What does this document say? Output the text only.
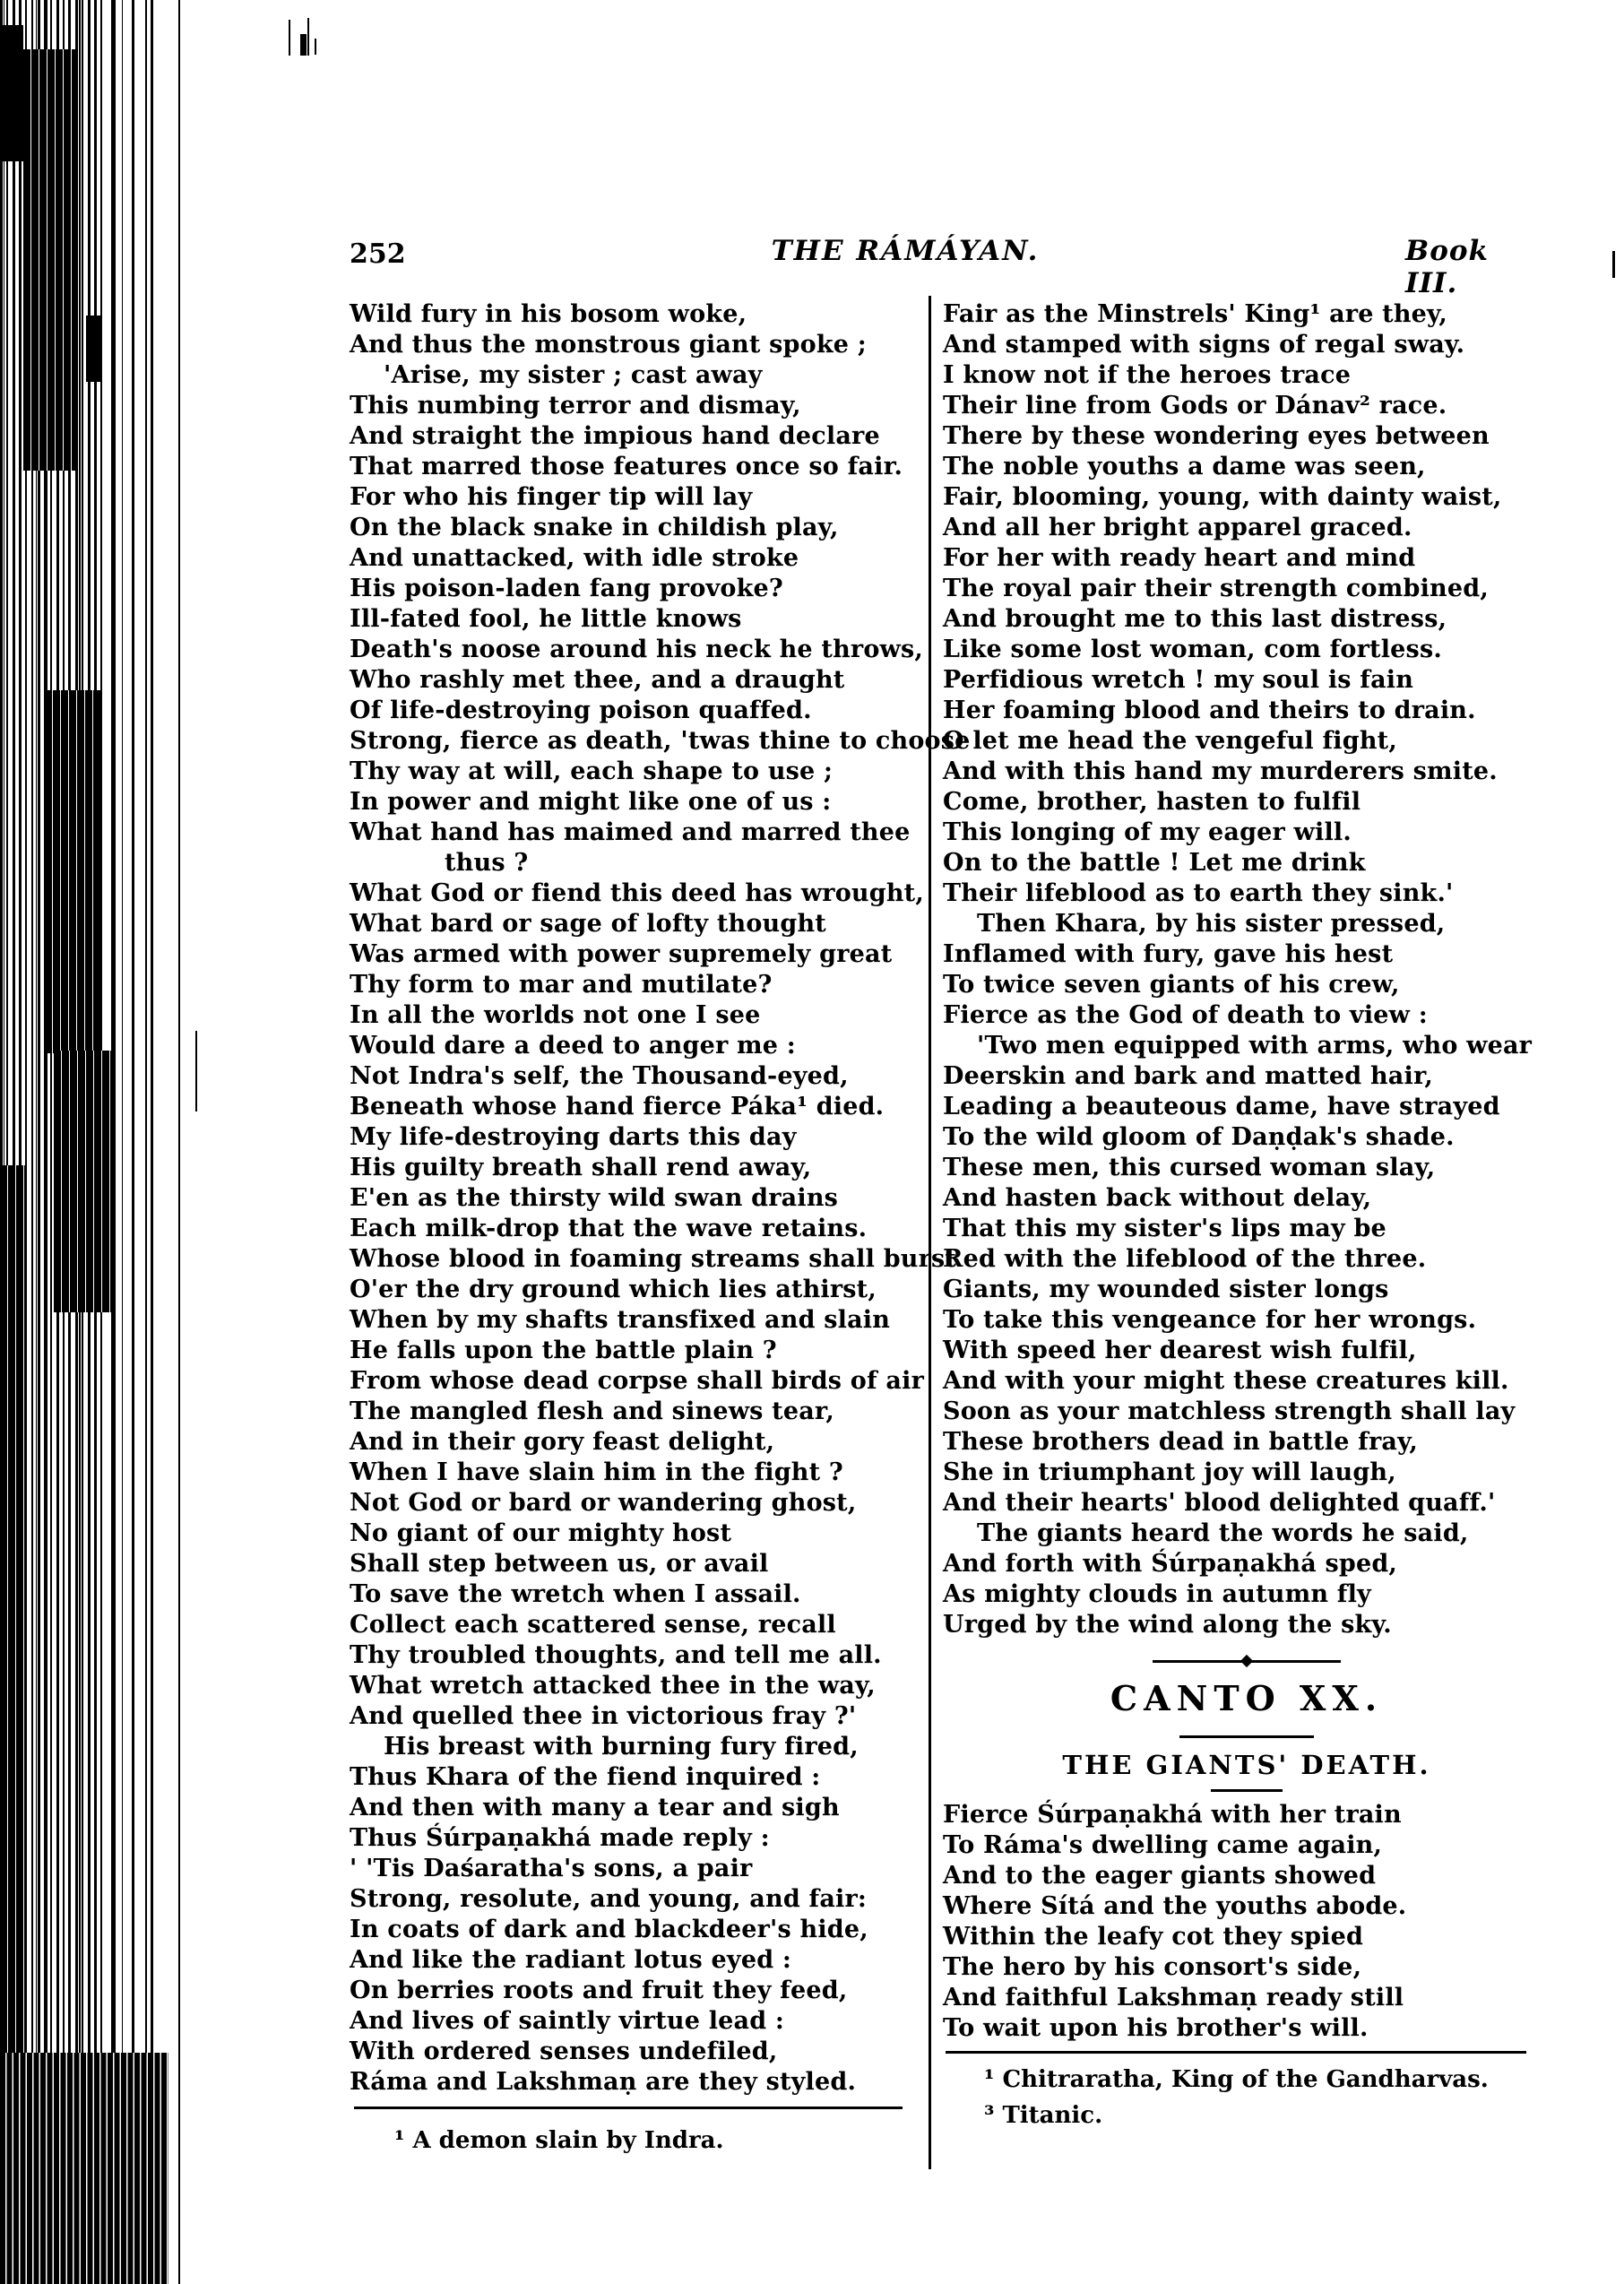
252	THE RÁMÁYAN.	Book III.
Wild fury in his bosom woke,
And thus the monstrous giant spoke ;
'Arise, my sister ; cast away
This numbing terror and dismay,
And straight the impious hand declare
That marred those features once so fair.
For who his finger tip will lay
On the black snake in childish play,
And unattacked, with idle stroke
His poison-laden fang provoke?
Ill-fated fool, he little knows
Death's noose around his neck he throws,
Who rashly met thee, and a draught
Of life-destroying poison quaffed.
Strong, fierce as death, 'twas thine to choose
Thy way at will, each shape to use ;
In power and might like one of us :
What hand has maimed and marred thee
thus ?
What God or fiend this deed has wrought,
What bard or sage of lofty thought
Was armed with power supremely great
Thy form to mar and mutilate?
In all the worlds not one I see
Would dare a deed to anger me :
Not Indra's self, the Thousand-eyed,
Beneath whose hand fierce Páka¹ died.
My life-destroying darts this day
His guilty breath shall rend away,
E'en as the thirsty wild swan drains
Each milk-drop that the wave retains.
Whose blood in foaming streams shall burst
O'er the dry ground which lies athirst,
When by my shafts transfixed and slain
He falls upon the battle plain ?
From whose dead corpse shall birds of air
The mangled flesh and sinews tear,
And in their gory feast delight,
When I have slain him in the fight ?
Not God or bard or wandering ghost,
No giant of our mighty host
Shall step between us, or avail
To save the wretch when I assail.
Collect each scattered sense, recall
Thy troubled thoughts, and tell me all.
What wretch attacked thee in the way,
And quelled thee in victorious fray ?'
His breast with burning fury fired,
Thus Khara of the fiend inquired :
And then with many a tear and sigh
Thus Śúrpaṇakhá made reply :
' 'Tis Daśaratha's sons, a pair
Strong, resolute, and young, and fair:
In coats of dark and blackdeer's hide,
And like the radiant lotus eyed :
On berries roots and fruit they feed,
And lives of saintly virtue lead :
With ordered senses undefiled,
Ráma and Lakshmaṇ are they styled.
¹ A demon slain by Indra.
Fair as the Minstrels' King¹ are they,
And stamped with signs of regal sway.
I know not if the heroes trace
Their line from Gods or Dánav² race.
There by these wondering eyes between
The noble youths a dame was seen,
Fair, blooming, young, with dainty waist,
And all her bright apparel graced.
For her with ready heart and mind
The royal pair their strength combined,
And brought me to this last distress,
Like some lost woman, com fortless.
Perfidious wretch ! my soul is fain
Her foaming blood and theirs to drain.
O let me head the vengeful fight,
And with this hand my murderers smite.
Come, brother, hasten to fulfil
This longing of my eager will.
On to the battle ! Let me drink
Their lifeblood as to earth they sink.'
Then Khara, by his sister pressed,
Inflamed with fury, gave his hest
To twice seven giants of his crew,
Fierce as the God of death to view :
'Two men equipped with arms, who wear
Deerskin and bark and matted hair,
Leading a beauteous dame, have strayed
To the wild gloom of Daṇḍak's shade.
These men, this cursed woman slay,
And hasten back without delay,
That this my sister's lips may be
Red with the lifeblood of the three.
Giants, my wounded sister longs
To take this vengeance for her wrongs.
With speed her dearest wish fulfil,
And with your might these creatures kill.
Soon as your matchless strength shall lay
These brothers dead in battle fray,
She in triumphant joy will laugh,
And their hearts' blood delighted quaff.'
The giants heard the words he said,
And forth with Śúrpaṇakhá sped,
As mighty clouds in autumn fly
Urged by the wind along the sky.
CANTO XX.
THE GIANTS' DEATH.
Fierce Śúrpaṇakhá with her train
To Ráma's dwelling came again,
And to the eager giants showed
Where Sítá and the youths abode.
Within the leafy cot they spied
The hero by his consort's side,
And faithful Lakshmaṇ ready still
To wait upon his brother's will.
¹ Chitraratha, King of the Gandharvas.
³ Titanic.
